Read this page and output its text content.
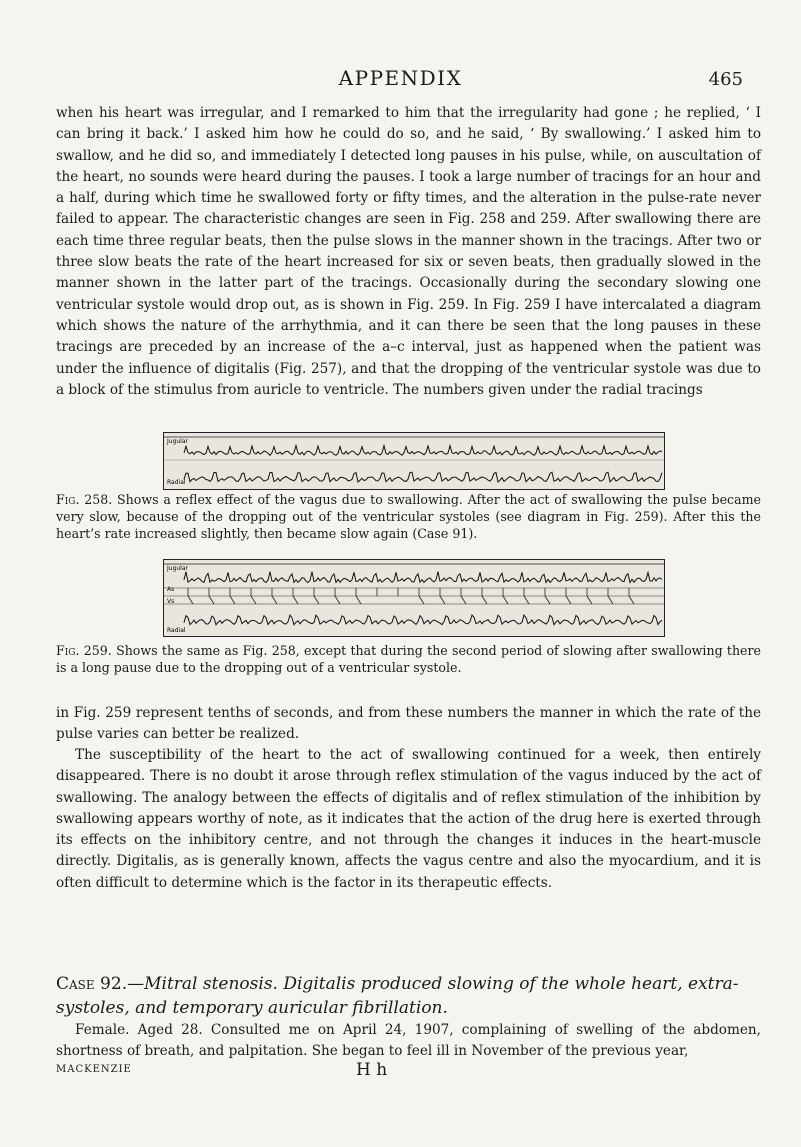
APPENDIX	465

when his heart was irregular, and I remarked to him that the irregularity had gone ; he replied, ‘ I can bring it back.’ I asked him how he could do so, and he said, ‘ By swallowing.’ I asked him to swallow, and he did so, and immediately I detected long pauses in his pulse, while, on auscultation of the heart, no sounds were heard during the pauses. I took a large number of tracings for an hour and a half, during which time he swallowed forty or fifty times, and the alteration in the pulse-rate never failed to appear. The characteristic changes are seen in Fig. 258 and 259. After swallowing there are each time three regular beats, then the pulse slows in the manner shown in the tracings. After two or three slow beats the rate of the heart increased for six or seven beats, then gradually slowed in the manner shown in the latter part of the tracings. Occasionally during the secondary slowing one ventricular systole would drop out, as is shown in Fig. 259. In Fig. 259 I have intercalated a diagram which shows the nature of the arrhythmia, and it can there be seen that the long pauses in these tracings are preceded by an increase of the a–c interval, just as happened when the patient was under the influence of digitalis (Fig. 257), and that the dropping of the ventricular systole was due to a block of the stimulus from auricle to ventricle. The numbers given under the radial tracings

Jugular
Radial

Fig. 258. Shows a reflex effect of the vagus due to swallowing. After the act of swallowing the pulse became very slow, because of the dropping out of the ventricular systoles (see diagram in Fig. 259). After this the heart’s rate increased slightly, then became slow again (Case 91).

Jugular
As
Vs
Radial

Fig. 259. Shows the same as Fig. 258, except that during the second period of slowing after swallowing there is a long pause due to the dropping out of a ventricular systole.

in Fig. 259 represent tenths of seconds, and from these numbers the manner in which the rate of the pulse varies can better be realized.

The susceptibility of the heart to the act of swallowing continued for a week, then entirely disappeared. There is no doubt it arose through reflex stimulation of the vagus induced by the act of swallowing. The analogy between the effects of digitalis and of reflex stimulation of the inhibition by swallowing appears worthy of note, as it indicates that the action of the drug here is exerted through its effects on the inhibitory centre, and not through the changes it induces in the heart-muscle directly. Digitalis, as is generally known, affects the vagus centre and also the myocardium, and it is often difficult to determine which is the factor in its therapeutic effects.

Case 92.—Mitral stenosis. Digitalis produced slowing of the whole heart, extra-systoles, and temporary auricular fibrillation.

Female. Aged 28. Consulted me on April 24, 1907, complaining of swelling of the abdomen, shortness of breath, and palpitation. She began to feel ill in November of the previous year,

MACKENZIE	H h
